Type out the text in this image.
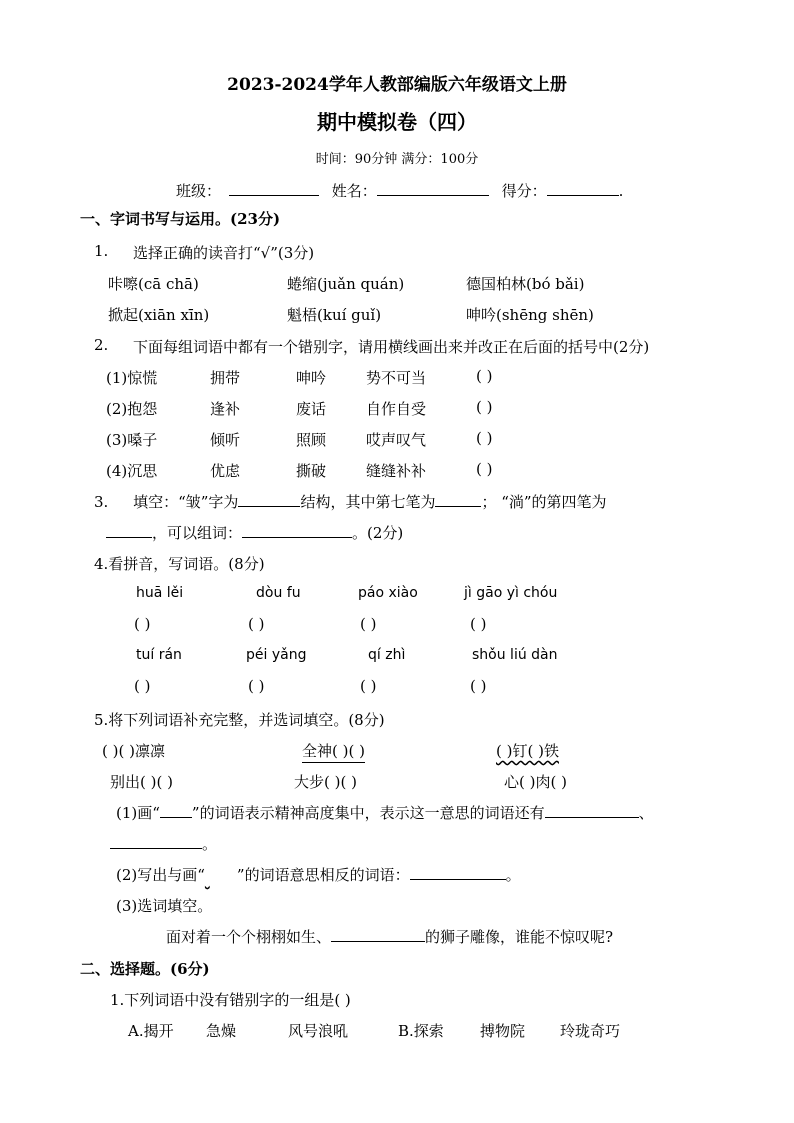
2023-2024学年人教部编版六年级语文上册
期中模拟卷（四）
时间：90分钟 满分：100分
班级：	姓名：	得分：	.
一、字词书写与运用。(23分)
1. 选择正确的读音打“√”(3分)
咔嚓(cā chā)	蜷缩(juǎn quán)	德国柏林(bó bǎi)
掀起(xiān xīn)	魁梧(kuí guǐ)	呻吟(shēng shēn)
2. 下面每组词语中都有一个错别字，请用横线画出来并改正在后面的括号中(2分)
(1)惊慌	拥带	呻吟	势不可当	( )
(2)抱怨	逢补	废话	自作自受	( )
(3)嗓子	倾听	照顾	哎声叹气	( )
(4)沉思	优虑	撕破	缝缝补补	( )
3. 填空：“皱”字为	结构，其中第七笔为	； “淌”的第四笔为
，可以组词：	。(2分)
4.看拼音，写词语。(8分)
huā lěi	dòu fu	páo xiào	jì gāo yì chóu
( )	( )	( )	( )
tuí rán	péi yǎng	qí zhì	shǒu liú dàn
( )	( )	( )	( )
5.将下列词语补充完整，并选词填空。(8分)
( )( )凛凛	全神( )( )	( )钉( )铁
别出( )( )	大步( )( )	心( )肉( )
(1)画“ ”的词语表示精神高度集中，表示这一意思的词语还有	、
。
(2)写出与画“ ”的词语意思相反的词语：	。
(3)选词填空。
面对着一个个栩栩如生、	的狮子雕像，谁能不惊叹呢?
二、选择题。(6分)
1.下列词语中没有错别字的一组是( )
A.揭开 急燥	风号浪吼	B.探索 搏物院 玲珑奇巧
